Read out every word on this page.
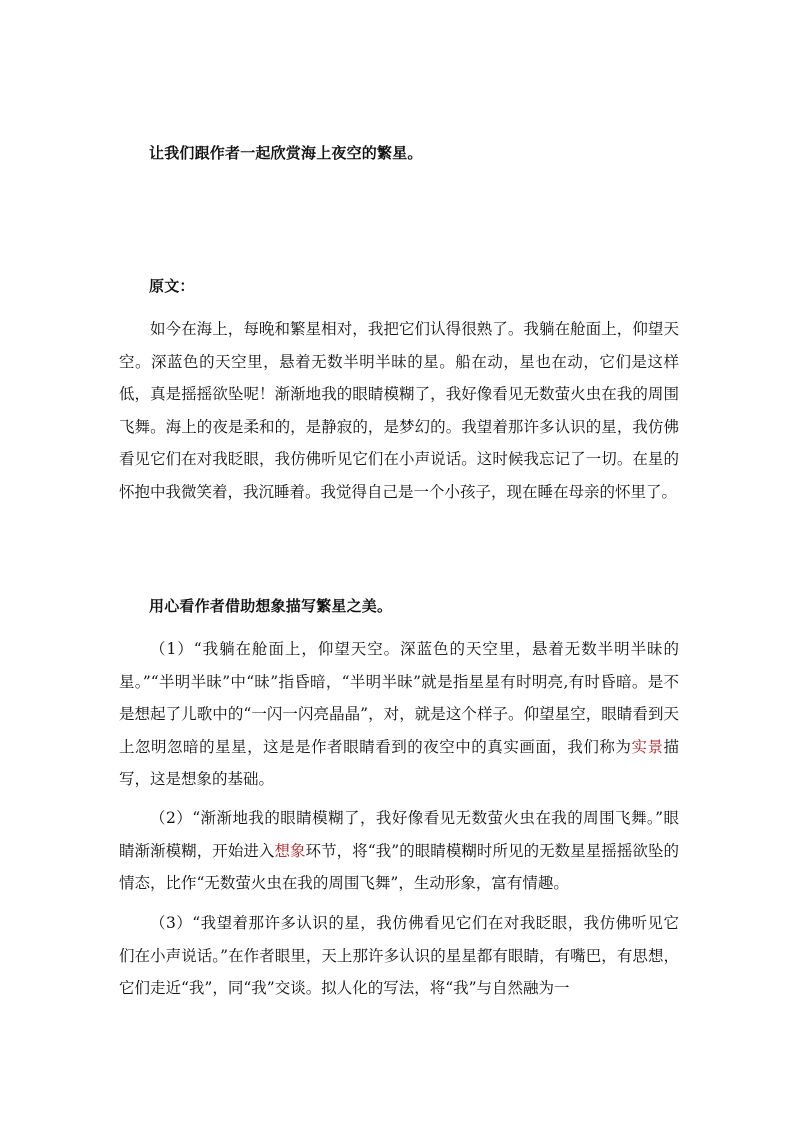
让我们跟作者一起欣赏海上夜空的繁星。
原文：

如今在海上，每晚和繁星相对，我把它们认得很熟了。我躺在舱面上，仰望天空。深蓝色的天空里，悬着无数半明半昧的星。船在动，星也在动，它们是这样低，真是摇摇欲坠呢！渐渐地我的眼睛模糊了，我好像看见无数萤火虫在我的周围飞舞。海上的夜是柔和的，是静寂的，是梦幻的。我望着那许多认识的星，我仿佛看见它们在对我眨眼，我仿佛听见它们在小声说话。这时候我忘记了一切。在星的怀抱中我微笑着，我沉睡着。我觉得自己是一个小孩子，现在睡在母亲的怀里了。

用心看作者借助想象描写繁星之美。

（1）“我躺在舱面上，仰望天空。深蓝色的天空里，悬着无数半明半昧的星。”“半明半昧”中“昧”指昏暗，“半明半昧”就是指星星有时明亮,有时昏暗。是不是想起了儿歌中的“一闪一闪亮晶晶”，对，就是这个样子。仰望星空，眼睛看到天上忽明忽暗的星星，这是是作者眼睛看到的夜空中的真实画面，我们称为实景描写，这是想象的基础。

（2）“渐渐地我的眼睛模糊了，我好像看见无数萤火虫在我的周围飞舞。”眼睛渐渐模糊，开始进入想象环节，将“我”的眼睛模糊时所见的无数星星摇摇欲坠的情态，比作“无数萤火虫在我的周围飞舞”，生动形象，富有情趣。

（3）“我望着那许多认识的星，我仿佛看见它们在对我眨眼，我仿佛听见它们在小声说话。”在作者眼里，天上那许多认识的星星都有眼睛，有嘴巴，有思想，它们走近“我”，同“我”交谈。拟人化的写法，将“我”与自然融为一
